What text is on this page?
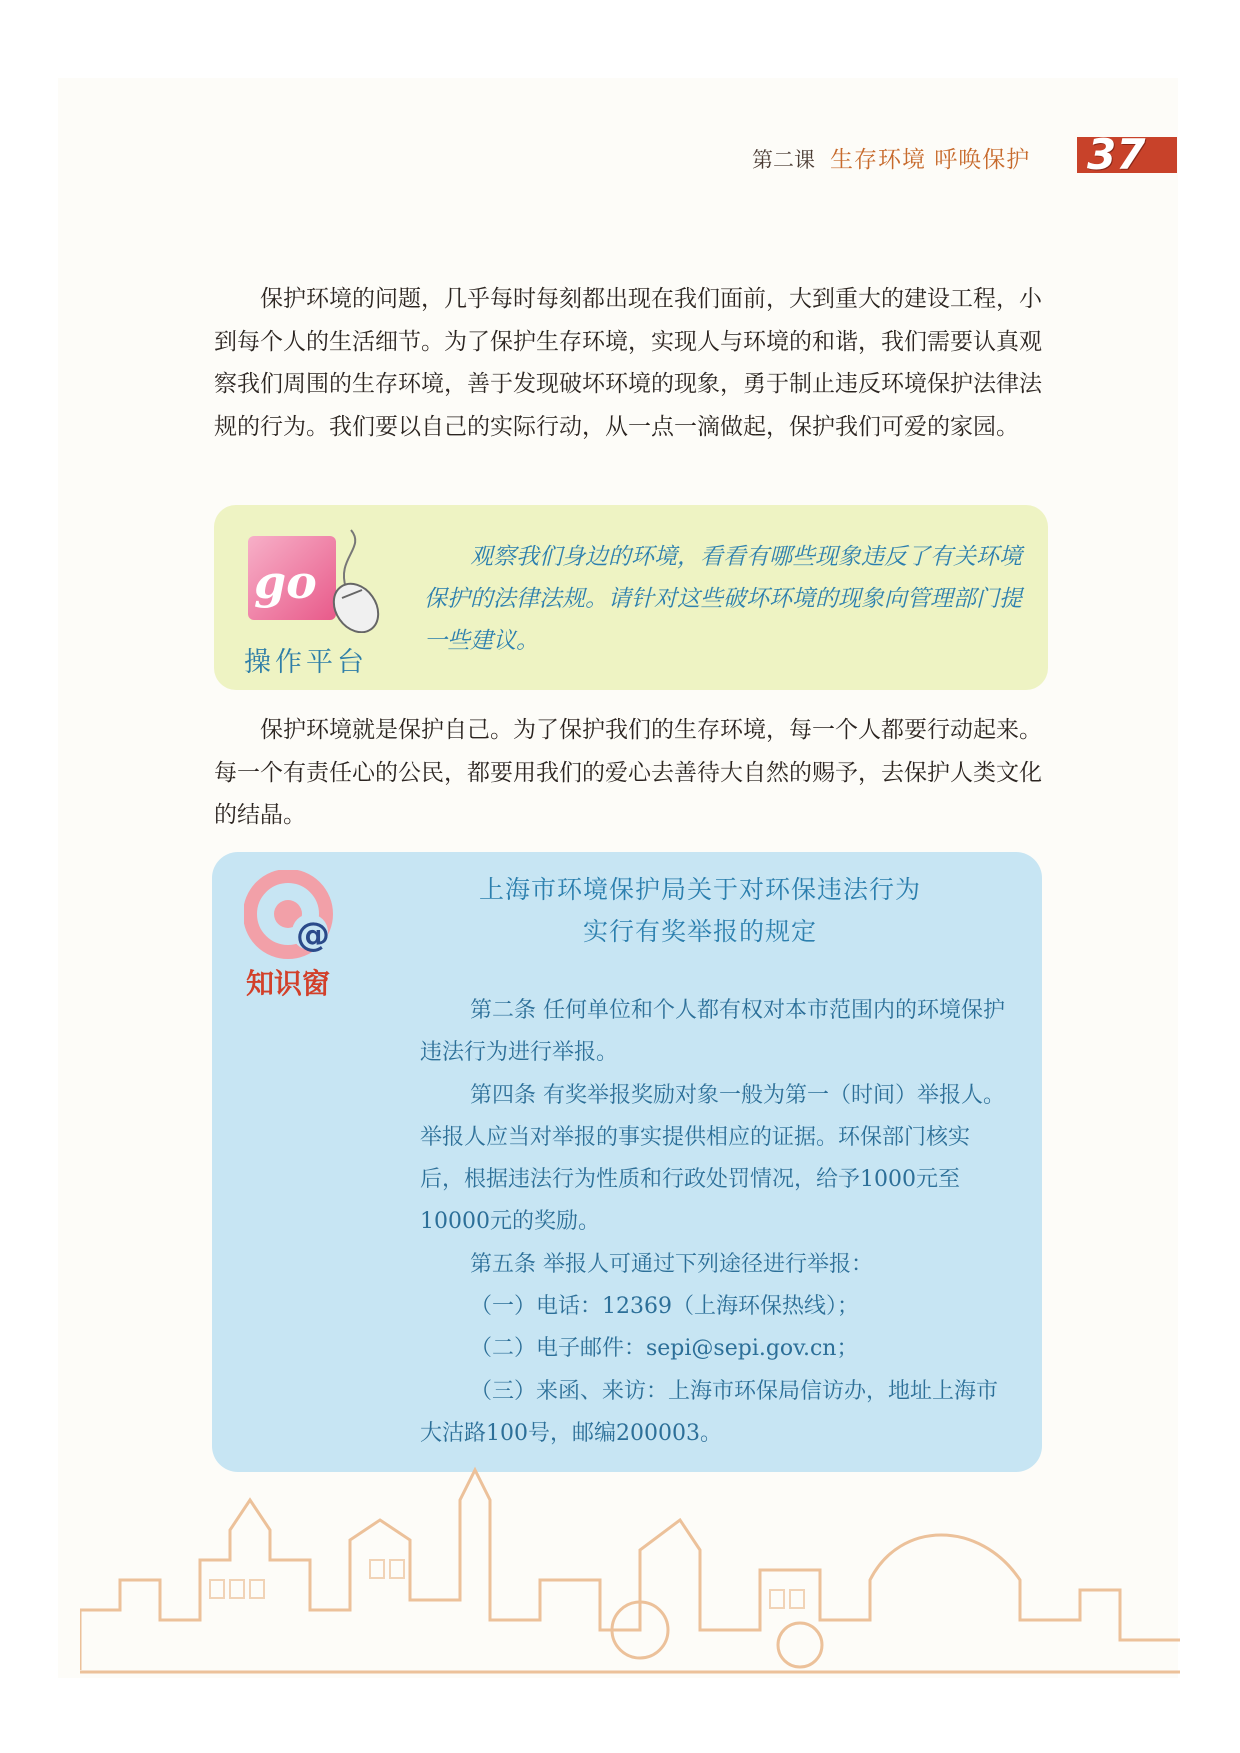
第二课 生存环境 呼唤保护 37

保护环境的问题，几乎每时每刻都出现在我们面前，大到重大的建设工程，小到每个人的生活细节。为了保护生存环境，实现人与环境的和谐，我们需要认真观察我们周围的生存环境，善于发现破坏环境的现象，勇于制止违反环境保护法律法规的行为。我们要以自己的实际行动，从一点一滴做起，保护我们可爱的家园。

go
操作平台

观察我们身边的环境，看看有哪些现象违反了有关环境保护的法律法规。请针对这些破坏环境的现象向管理部门提一些建议。

保护环境就是保护自己。为了保护我们的生存环境，每一个人都要行动起来。每一个有责任心的公民，都要用我们的爱心去善待大自然的赐予，去保护人类文化的结晶。

@
知识窗
上海市环境保护局关于对环保违法行为
实行有奖举报的规定

第二条 任何单位和个人都有权对本市范围内的环境保护违法行为进行举报。

第四条 有奖举报奖励对象一般为第一（时间）举报人。举报人应当对举报的事实提供相应的证据。环保部门核实后，根据违法行为性质和行政处罚情况，给予1000元至10000元的奖励。

第五条 举报人可通过下列途径进行举报：

（一）电话：12369（上海环保热线）；

（二）电子邮件：sepi@sepi.gov.cn；

（三）来函、来访：上海市环保局信访办，地址上海市大沽路100号，邮编200003。
